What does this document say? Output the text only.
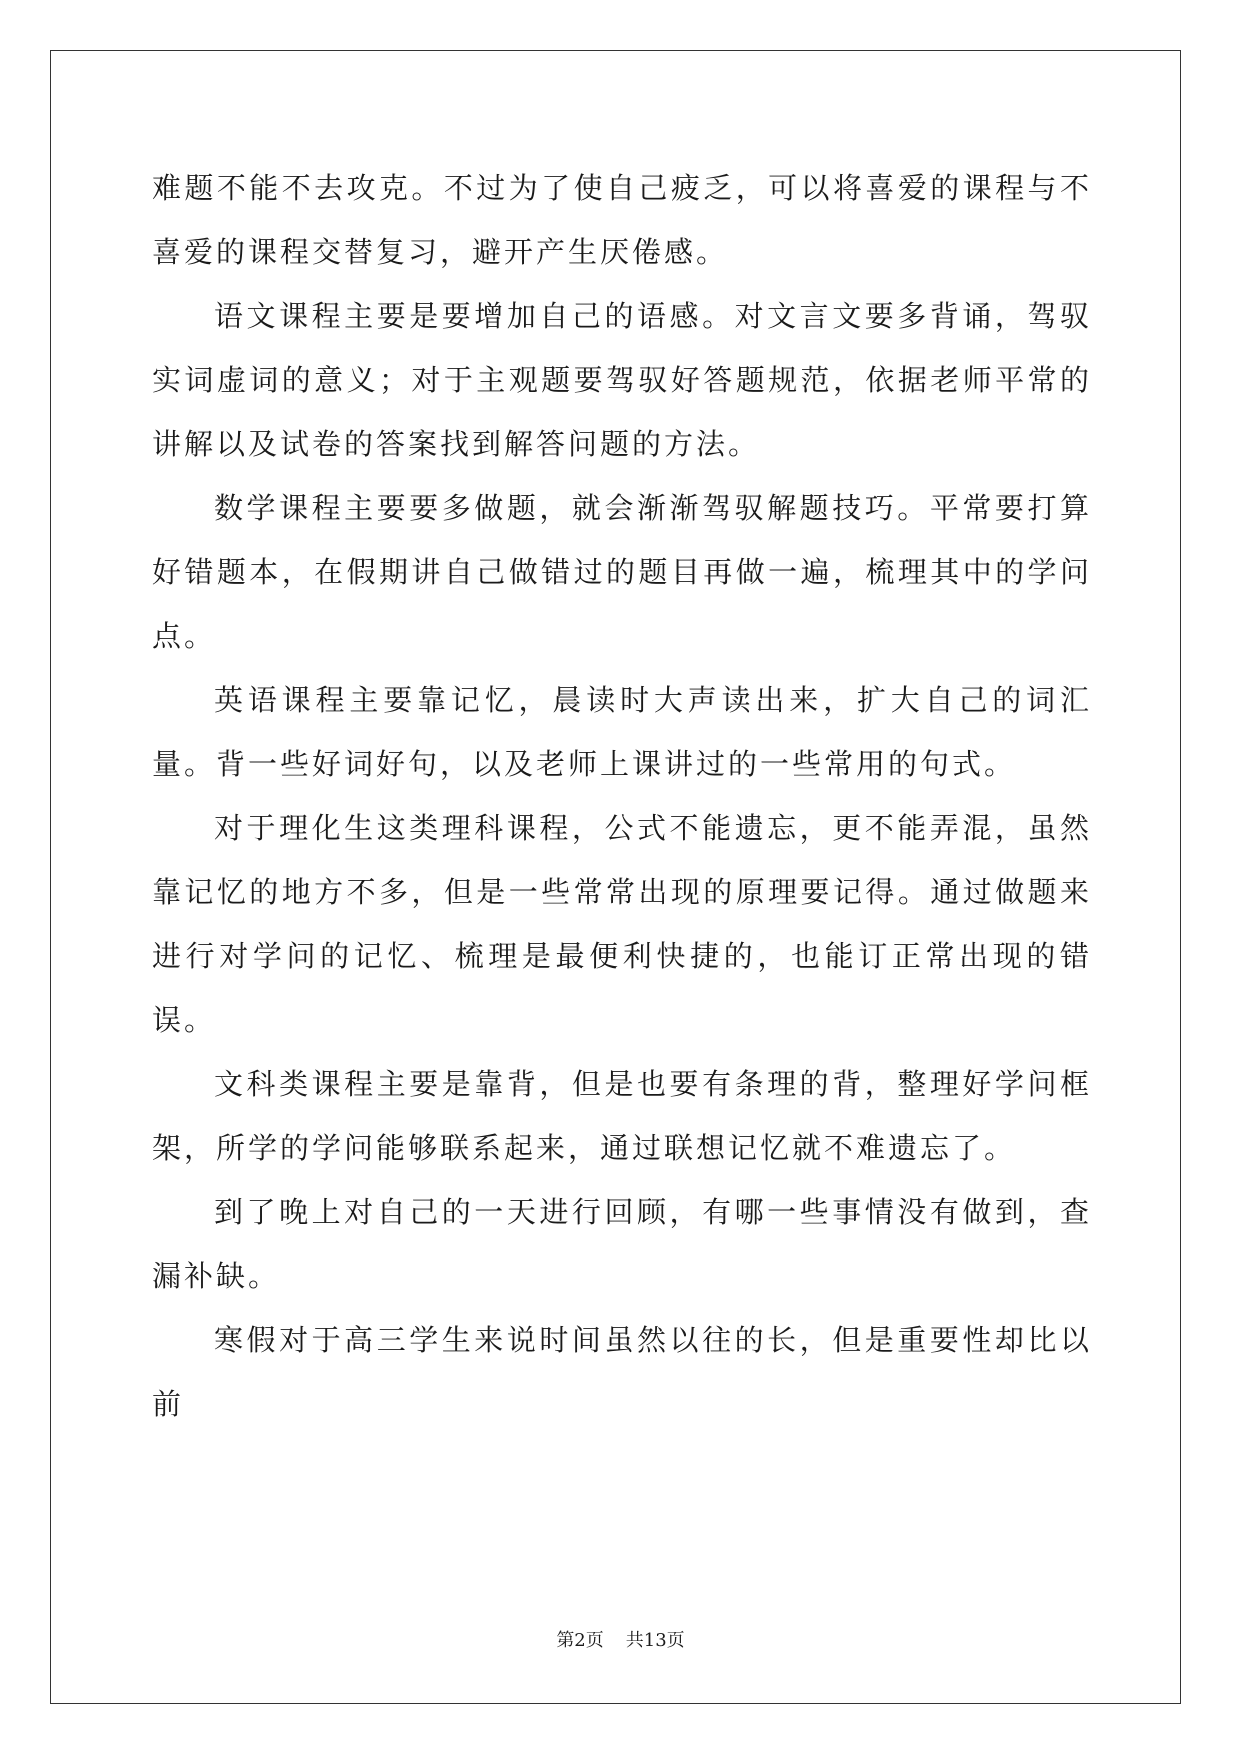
难题不能不去攻克。不过为了使自己疲乏，可以将喜爱的课程与不喜爱的课程交替复习，避开产生厌倦感。

语文课程主要是要增加自己的语感。对文言文要多背诵，驾驭实词虚词的意义；对于主观题要驾驭好答题规范，依据老师平常的讲解以及试卷的答案找到解答问题的方法。

数学课程主要要多做题，就会渐渐驾驭解题技巧。平常要打算好错题本，在假期讲自己做错过的题目再做一遍，梳理其中的学问点。

英语课程主要靠记忆，晨读时大声读出来，扩大自己的词汇量。背一些好词好句，以及老师上课讲过的一些常用的句式。

对于理化生这类理科课程，公式不能遗忘，更不能弄混，虽然靠记忆的地方不多，但是一些常常出现的原理要记得。通过做题来进行对学问的记忆、梳理是最便利快捷的，也能订正常出现的错误。

文科类课程主要是靠背，但是也要有条理的背，整理好学问框架，所学的学问能够联系起来，通过联想记忆就不难遗忘了。

到了晚上对自己的一天进行回顾，有哪一些事情没有做到，查漏补缺。

寒假对于高三学生来说时间虽然以往的长，但是重要性却比以前

第2页 共13页
